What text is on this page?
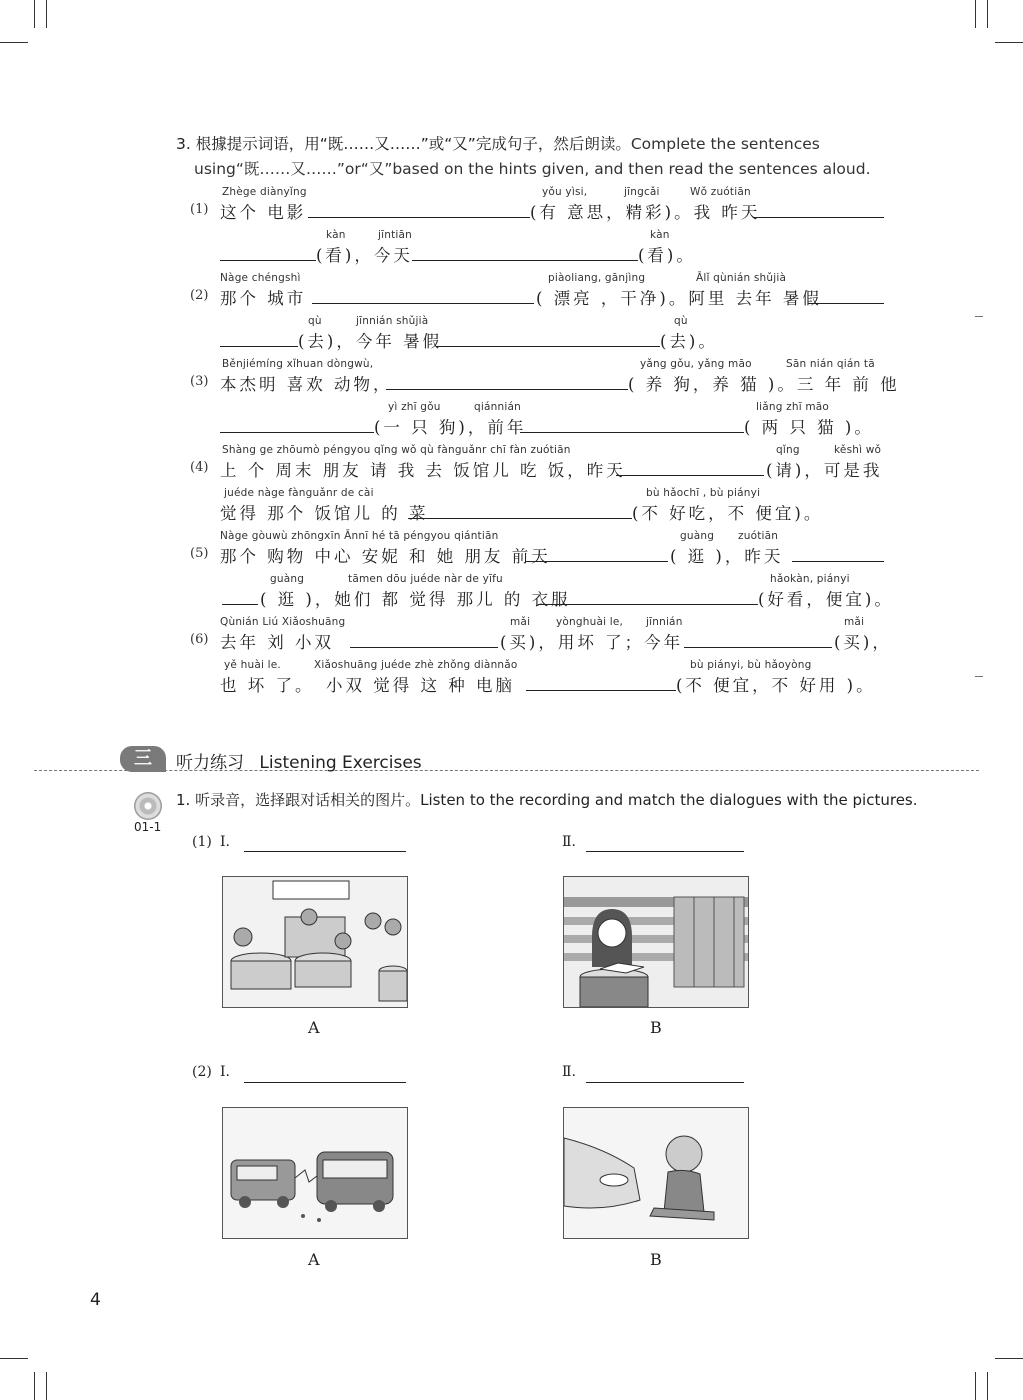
3. 根據提示词语，用“既……又……”或“又”完成句子，然后朗读。Complete the sentences
using“既……又……”or“又”based on the hints given, and then read the sentences aloud.
(1)
Zhège diànyǐng	yǒu yìsi,	jīngcǎi	Wǒ zuótiān
这个 电影	(有 意思，精彩)。我 昨天
kàn	jīntiān	kàn
(看)，今天	(看)。
(2)
Nàge chéngshì	piàoliang, gānjìng	Ālǐ qùnián shǔjià
那个 城市	( 漂亮 ，干净)。阿里 去年 暑假
qù	jīnnián shǔjià	qù
(去)，今年 暑假	(去)。
(3)
Běnjiémíng xǐhuan dòngwù,	yǎng gǒu, yǎng māo	Sān nián qián tā
本杰明 喜欢 动物，	( 养 狗，养 猫 )。三 年 前 他
yì zhī gǒu	qiánnián	liǎng zhī māo
(一 只 狗)，前年	( 两 只 猫 )。
(4)
Shàng ge zhōumò péngyou qǐng wǒ qù fànguǎnr chī fàn zuótiān	qǐng	kěshì wǒ
上 个 周末 朋友 请 我 去 饭馆儿 吃 饭，昨天	(请)，可是我
juéde nàge fànguǎnr de cài	bù hǎochī , bù piányi
觉得 那个 饭馆儿 的 菜	(不 好吃，不 便宜)。
(5)
Nàge gòuwù zhōngxīn Ānnī hé tā péngyou qiántiān	guàng zuótiān
那个 购物 中心 安妮 和 她 朋友 前天	( 逛 )，昨天
guàng	tāmen dōu juéde nàr de yīfu	hǎokàn, piányi
( 逛 )，她们 都 觉得 那儿 的 衣服	(好看，便宜)。
(6)
Qùnián Liú Xiǎoshuāng	mǎi yònghuài le, jīnnián	mǎi
去年 刘 小双	(买)，用坏 了；今年	(买)，
yě huài le.	Xiǎoshuāng juéde zhè zhǒng diànnǎo	bù piányi, bù hǎoyòng
也 坏 了。 小双 觉得 这 种 电脑	(不 便宜，不 好用 )。
三	听力练习 Listening Exercises
01-1
1. 听录音，选择跟对话相关的图片。Listen to the recording and match the dialogues with the pictures.
(1) Ⅰ.	Ⅱ.
A	B
(2) Ⅰ.	Ⅱ.
A	B
4
